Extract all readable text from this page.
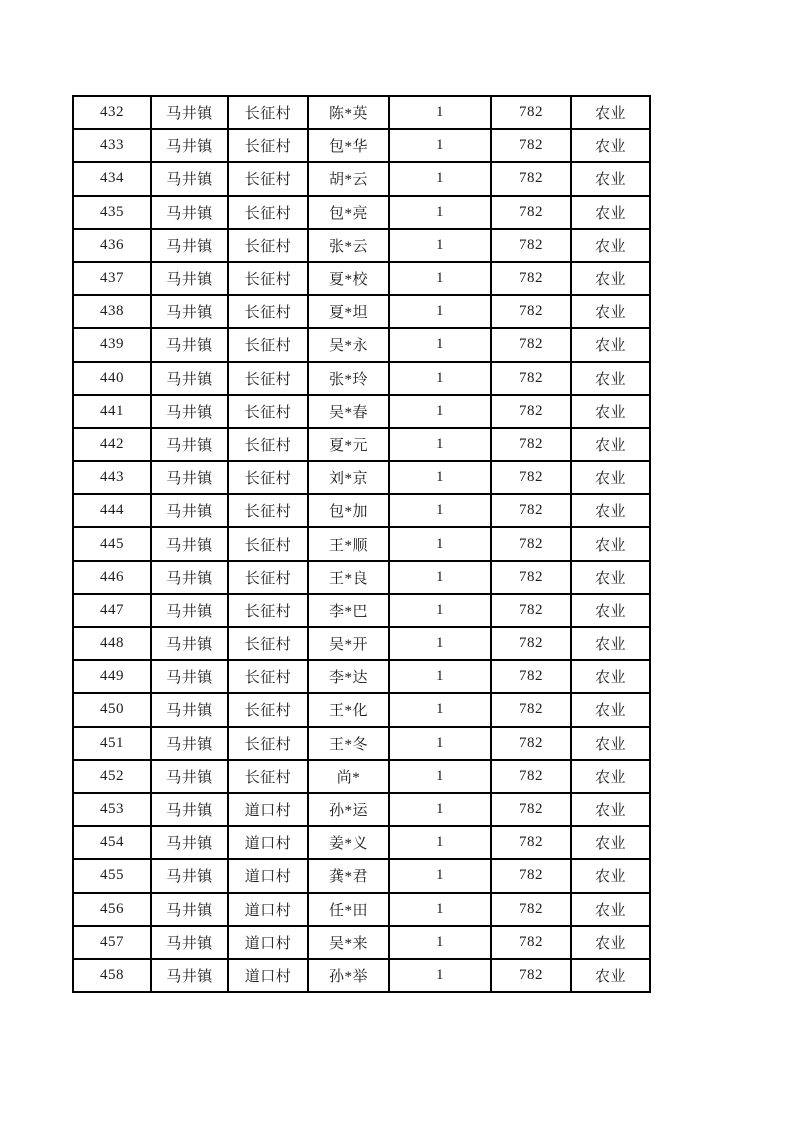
432	马井镇	长征村	陈*英	1	782	农业
433	马井镇	长征村	包*华	1	782	农业
434	马井镇	长征村	胡*云	1	782	农业
435	马井镇	长征村	包*亮	1	782	农业
436	马井镇	长征村	张*云	1	782	农业
437	马井镇	长征村	夏*校	1	782	农业
438	马井镇	长征村	夏*坦	1	782	农业
439	马井镇	长征村	吴*永	1	782	农业
440	马井镇	长征村	张*玲	1	782	农业
441	马井镇	长征村	吴*春	1	782	农业
442	马井镇	长征村	夏*元	1	782	农业
443	马井镇	长征村	刘*京	1	782	农业
444	马井镇	长征村	包*加	1	782	农业
445	马井镇	长征村	王*顺	1	782	农业
446	马井镇	长征村	王*良	1	782	农业
447	马井镇	长征村	李*巴	1	782	农业
448	马井镇	长征村	吴*开	1	782	农业
449	马井镇	长征村	李*达	1	782	农业
450	马井镇	长征村	王*化	1	782	农业
451	马井镇	长征村	王*冬	1	782	农业
452	马井镇	长征村	尚*	1	782	农业
453	马井镇	道口村	孙*运	1	782	农业
454	马井镇	道口村	姜*义	1	782	农业
455	马井镇	道口村	龚*君	1	782	农业
456	马井镇	道口村	任*田	1	782	农业
457	马井镇	道口村	吴*来	1	782	农业
458	马井镇	道口村	孙*举	1	782	农业
